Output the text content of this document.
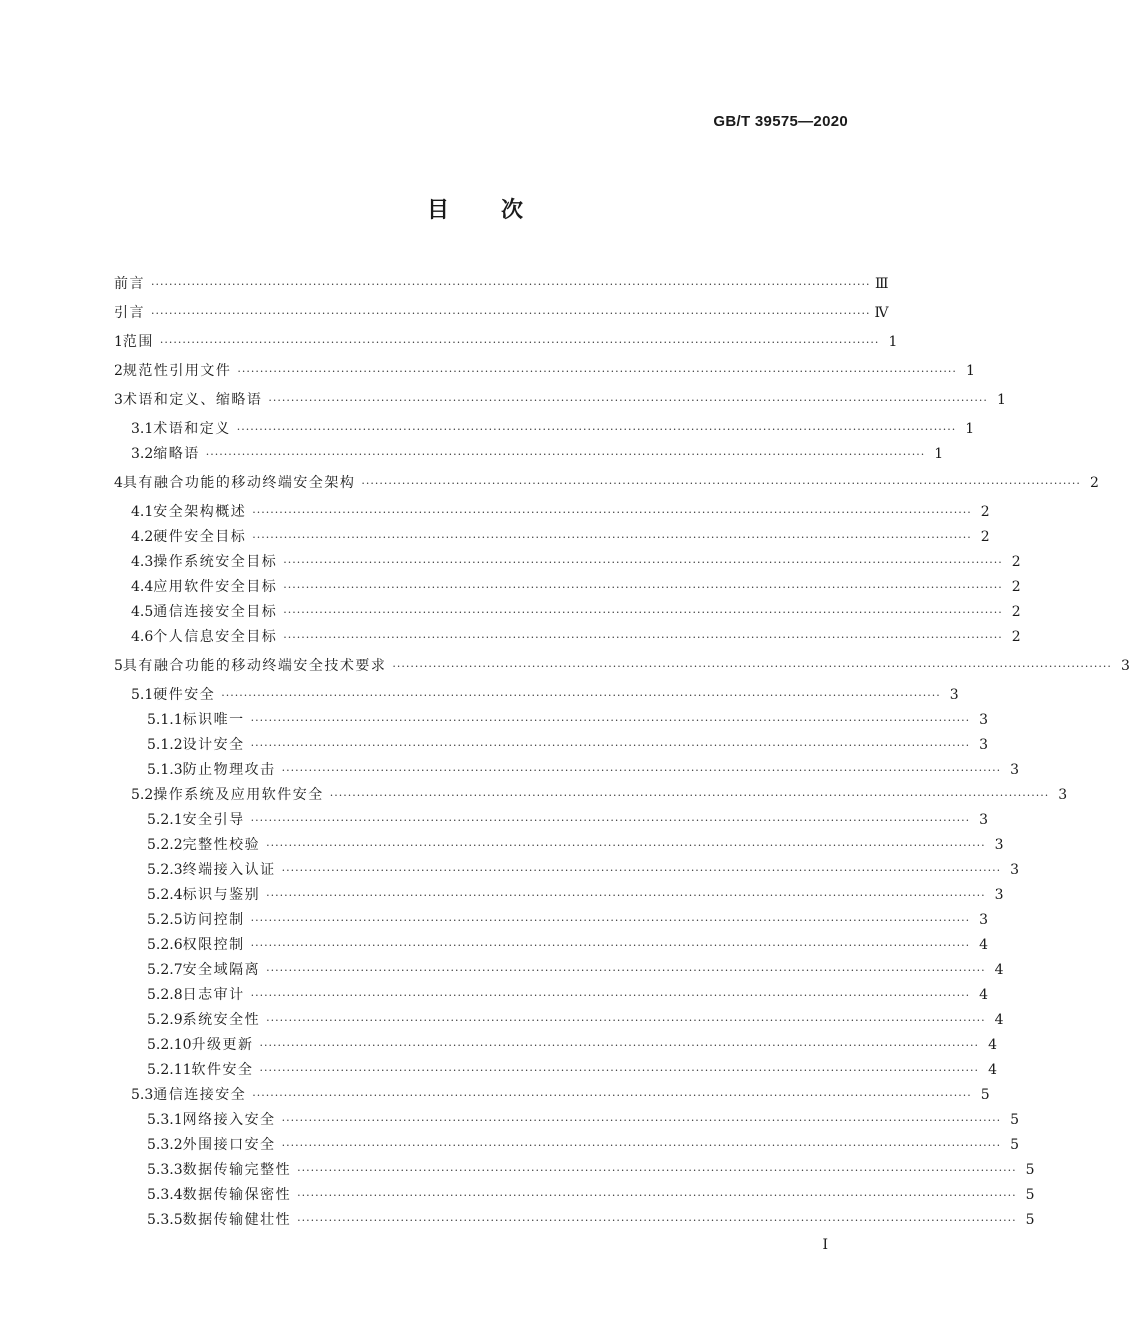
GB/T 39575—2020
目 次
前言 ································································································································································ Ⅲ
引言 ································································································································································ Ⅳ
1 范围 ································································································································································ 1
2 规范性引用文件 ································································································································································ 1
3 术语和定义、缩略语 ································································································································································ 1
3.1 术语和定义 ································································································································································ 1
3.2 缩略语 ································································································································································ 1
4 具有融合功能的移动终端安全架构 ································································································································································ 2
4.1 安全架构概述 ································································································································································ 2
4.2 硬件安全目标 ································································································································································ 2
4.3 操作系统安全目标 ································································································································································ 2
4.4 应用软件安全目标 ································································································································································ 2
4.5 通信连接安全目标 ································································································································································ 2
4.6 个人信息安全目标 ································································································································································ 2
5 具有融合功能的移动终端安全技术要求 ································································································································································ 3
5.1 硬件安全 ································································································································································ 3
5.1.1 标识唯一 ································································································································································ 3
5.1.2 设计安全 ································································································································································ 3
5.1.3 防止物理攻击 ································································································································································ 3
5.2 操作系统及应用软件安全 ································································································································································ 3
5.2.1 安全引导 ································································································································································ 3
5.2.2 完整性校验 ································································································································································ 3
5.2.3 终端接入认证 ································································································································································ 3
5.2.4 标识与鉴别 ································································································································································ 3
5.2.5 访问控制 ································································································································································ 3
5.2.6 权限控制 ································································································································································ 4
5.2.7 安全域隔离 ································································································································································ 4
5.2.8 日志审计 ································································································································································ 4
5.2.9 系统安全性 ································································································································································ 4
5.2.10 升级更新 ································································································································································ 4
5.2.11 软件安全 ································································································································································ 4
5.3 通信连接安全 ································································································································································ 5
5.3.1 网络接入安全 ································································································································································ 5
5.3.2 外围接口安全 ································································································································································ 5
5.3.3 数据传输完整性 ································································································································································ 5
5.3.4 数据传输保密性 ································································································································································ 5
5.3.5 数据传输健壮性 ································································································································································ 5
I
